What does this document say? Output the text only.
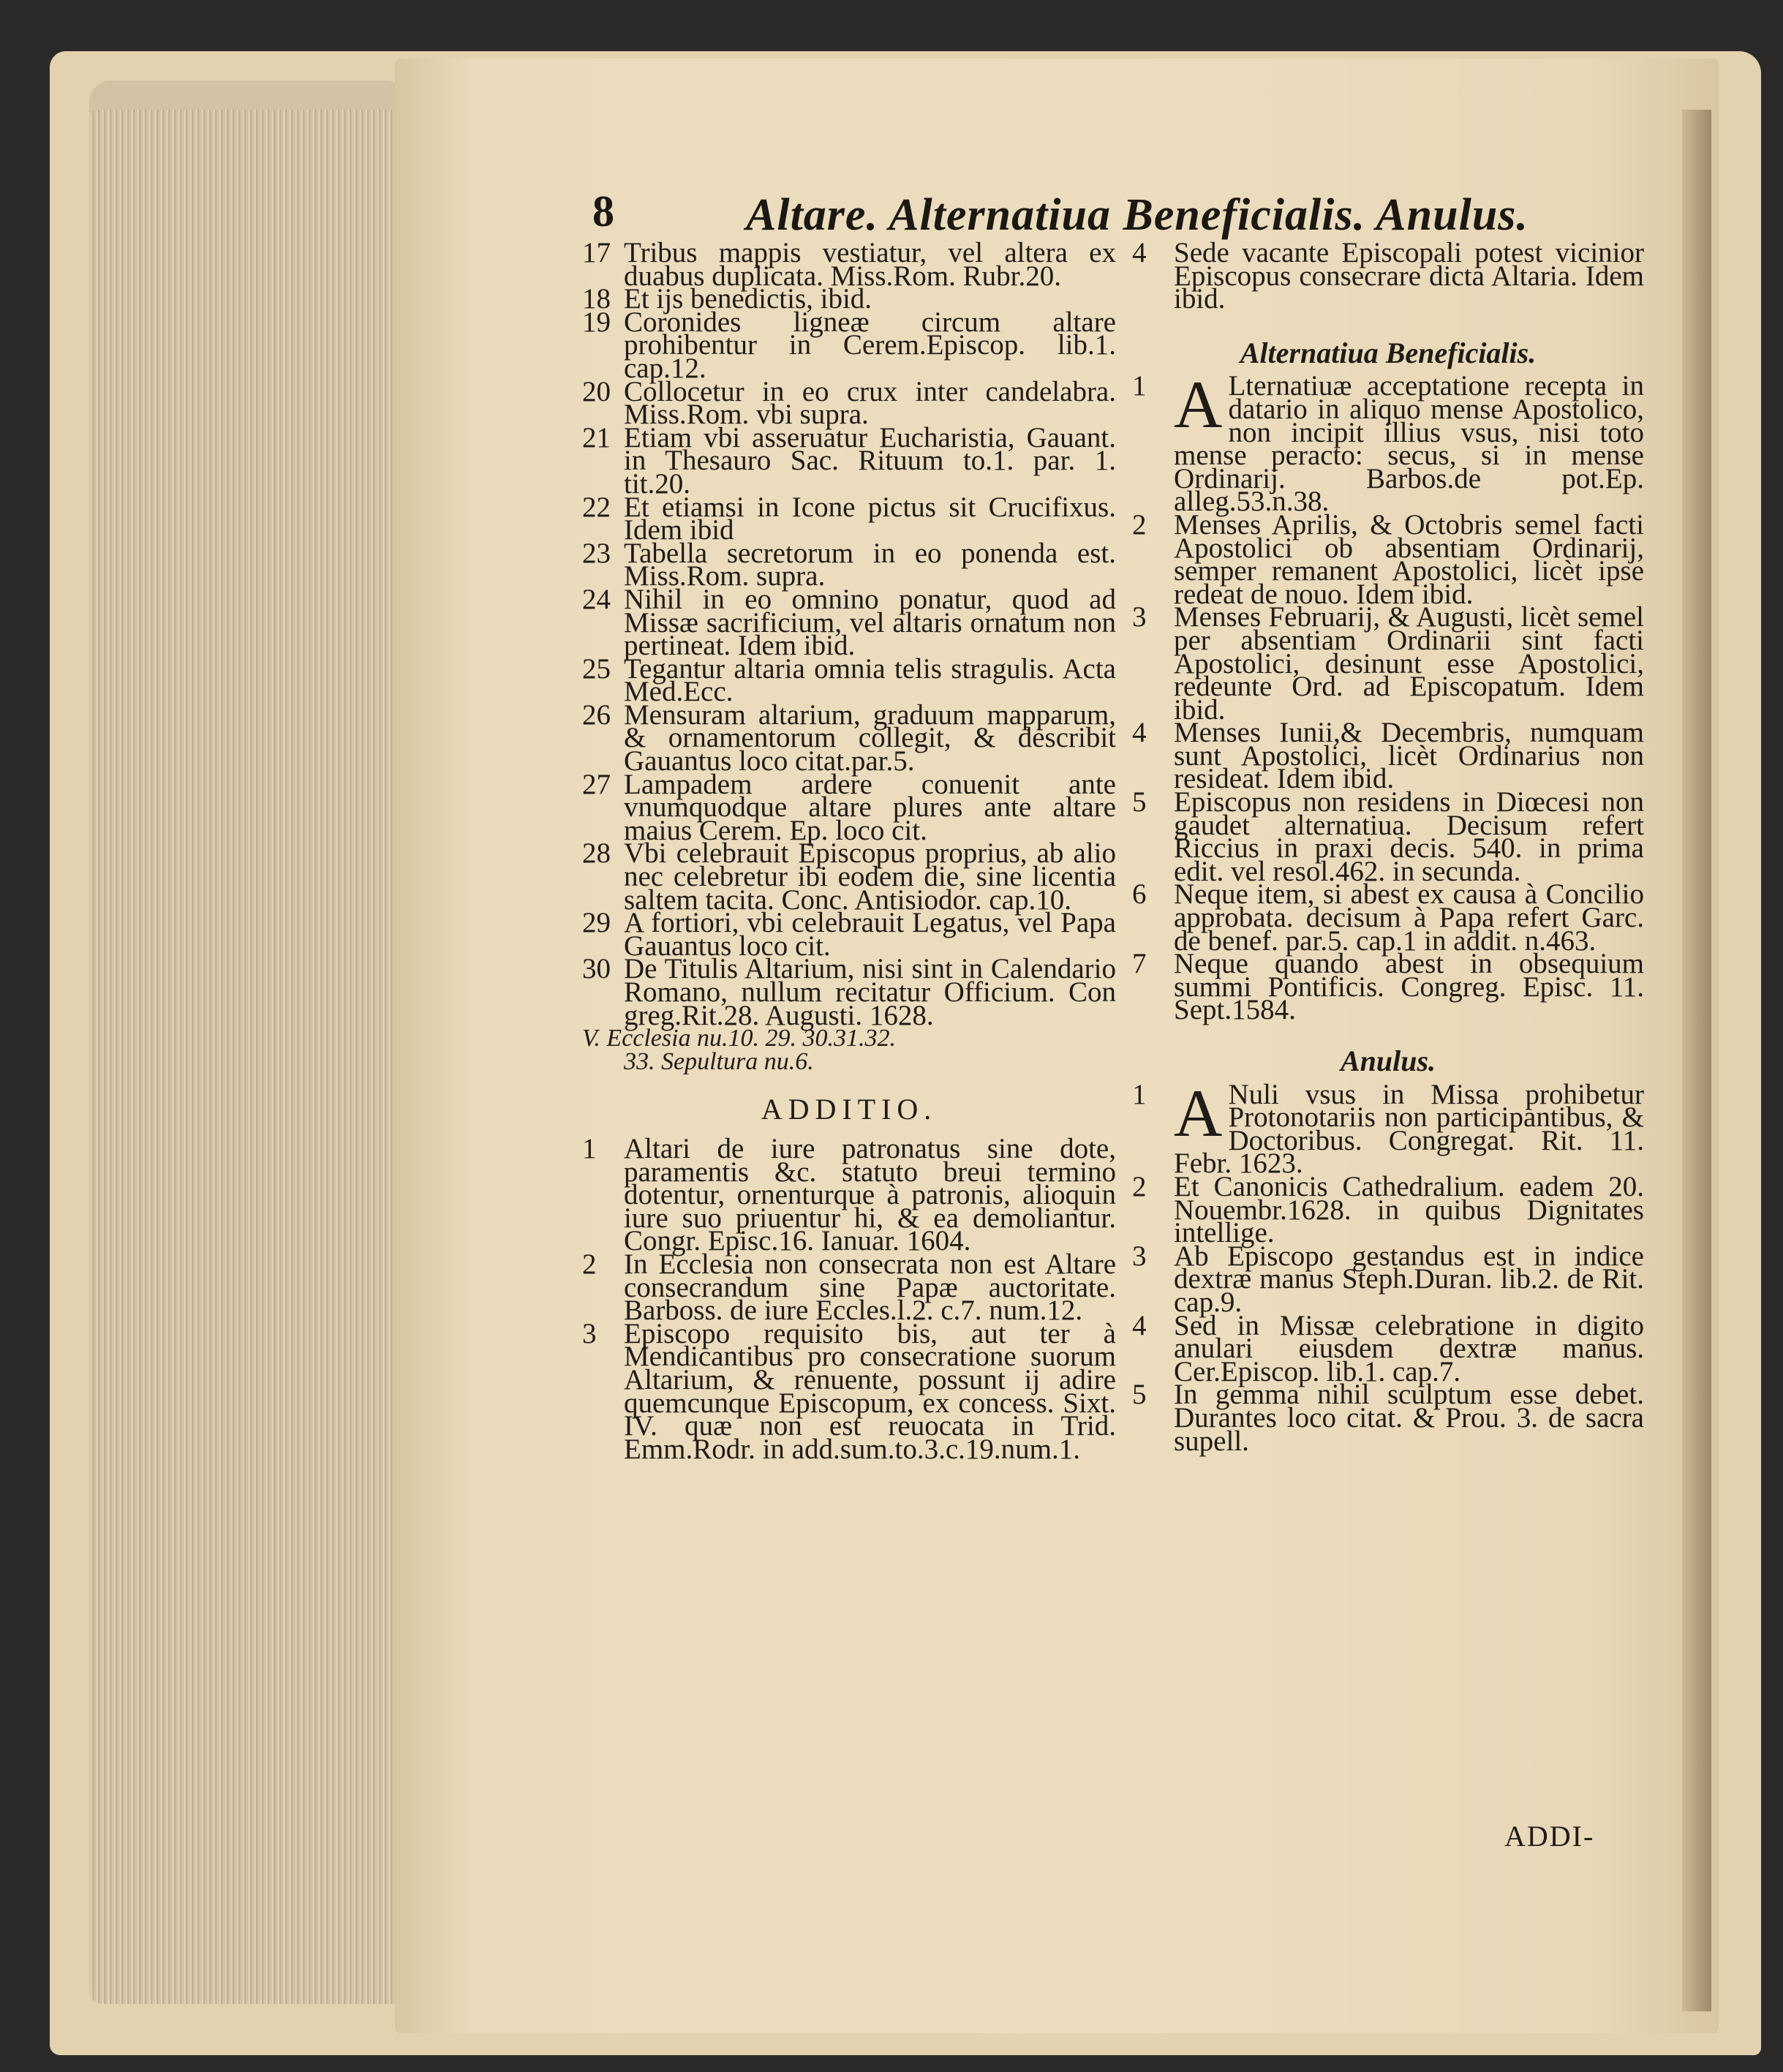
8	Altare. Alternatiua Beneficialis. Anulus.
17 Tribus mappis vestiatur, vel altera ex duabus duplicata. Miss.Rom. Rubr.20.
18 Et ijs benedictis, ibid.
19 Coronides ligneæ circum altare prohibentur in Cerem.Episcop. lib.1. cap.12.
20 Collocetur in eo crux inter candelabra. Miss.Rom. vbi supra.
21 Etiam vbi asseruatur Eucharistia, Gauant. in Thesauro Sac. Rituum to.1. par. 1. tit.20.
22 Et etiamsi in Icone pictus sit Crucifixus. Idem ibid
23 Tabella secretorum in eo ponenda est. Miss.Rom. supra.
24 Nihil in eo omnino ponatur, quod ad Missæ sacrificium, vel altaris ornatum non pertineat. Idem ibid.
25 Tegantur altaria omnia telis stragulis. Acta Med.Ecc.
26 Mensuram altarium, graduum mapparum, & ornamentorum collegit, & describit Gauantus loco citat.par.5.
27 Lampadem ardere conuenit ante vnumquodque altare plures ante altare maius Cerem. Ep. loco cit.
28 Vbi celebrauit Episcopus proprius, ab alio nec celebretur ibi eodem die, sine licentia saltem tacita. Conc. Antisiodor. cap.10.
29 A fortiori, vbi celebrauit Legatus, vel Papa Gauantus loco cit.
30 De Titulis Altarium, nisi sint in Calendario Romano, nullum recitatur Officium. Con greg.Rit.28. Augusti. 1628.
V. Ecclesia nu.10. 29. 30.31.32.
33. Sepultura nu.6.
ADDITIO.
1 Altari de iure patronatus sine dote, paramentis &c. statuto breui termino dotentur, ornenturque à patronis, alioquin iure suo priuentur hi, & ea demoliantur. Congr. Episc.16. Ianuar. 1604.
2 In Ecclesia non consecrata non est Altare consecrandum sine Papæ auctoritate. Barboss. de iure Eccles.l.2. c.7. num.12.
3 Episcopo requisito bis, aut ter à Mendicantibus pro consecratione suorum Altarium, & renuente, possunt ij adire quemcunque Episcopum, ex concess. Sixt. IV. quæ non est reuocata in Trid. Emm.Rodr. in add.sum.to.3.c.19.num.1.
4 Sede vacante Episcopali potest vicinior Episcopus consecrare dicta Altaria. Idem ibid.
Alternatiua Beneficialis.
1 A Lternatiuæ acceptatione recepta in datario in aliquo mense Apostolico, non incipit illius vsus, nisi toto mense peracto: secus, si in mense Ordinarij. Barbos.de pot.Ep. alleg.53.n.38.
2 Menses Aprilis, & Octobris semel facti Apostolici ob absentiam Ordinarij, semper remanent Apostolici, licèt ipse redeat de nouo. Idem ibid.
3 Menses Februarij, & Augusti, licèt semel per absentiam Ordinarii sint facti Apostolici, desinunt esse Apostolici, redeunte Ord. ad Episcopatum. Idem ibid.
4 Menses Iunii,& Decembris, numquam sunt Apostolici, licèt Ordinarius non resideat. Idem ibid.
5 Episcopus non residens in Diœcesi non gaudet alternatiua. Decisum refert Riccius in praxi decis. 540. in prima edit. vel resol.462. in secunda.
6 Neque item, si abest ex causa à Concilio approbata. decisum à Papa refert Garc. de benef. par.5. cap.1 in addit. n.463.
7 Neque quando abest in obsequium summi Pontificis. Congreg. Episc. 11. Sept.1584.
Anulus.
1 A Nuli vsus in Missa prohibetur Protonotariis non participantibus, & Doctoribus. Congregat. Rit. 11. Febr. 1623.
2 Et Canonicis Cathedralium. eadem 20. Nouembr.1628. in quibus Dignitates intellige.
3 Ab Episcopo gestandus est in indice dextræ manus Steph.Duran. lib.2. de Rit. cap.9.
4 Sed in Missæ celebratione in digito anulari eiusdem dextræ manus. Cer.Episcop. lib.1. cap.7.
5 In gemma nihil sculptum esse debet. Durantes loco citat. & Prou. 3. de sacra supell.
ADDI-
